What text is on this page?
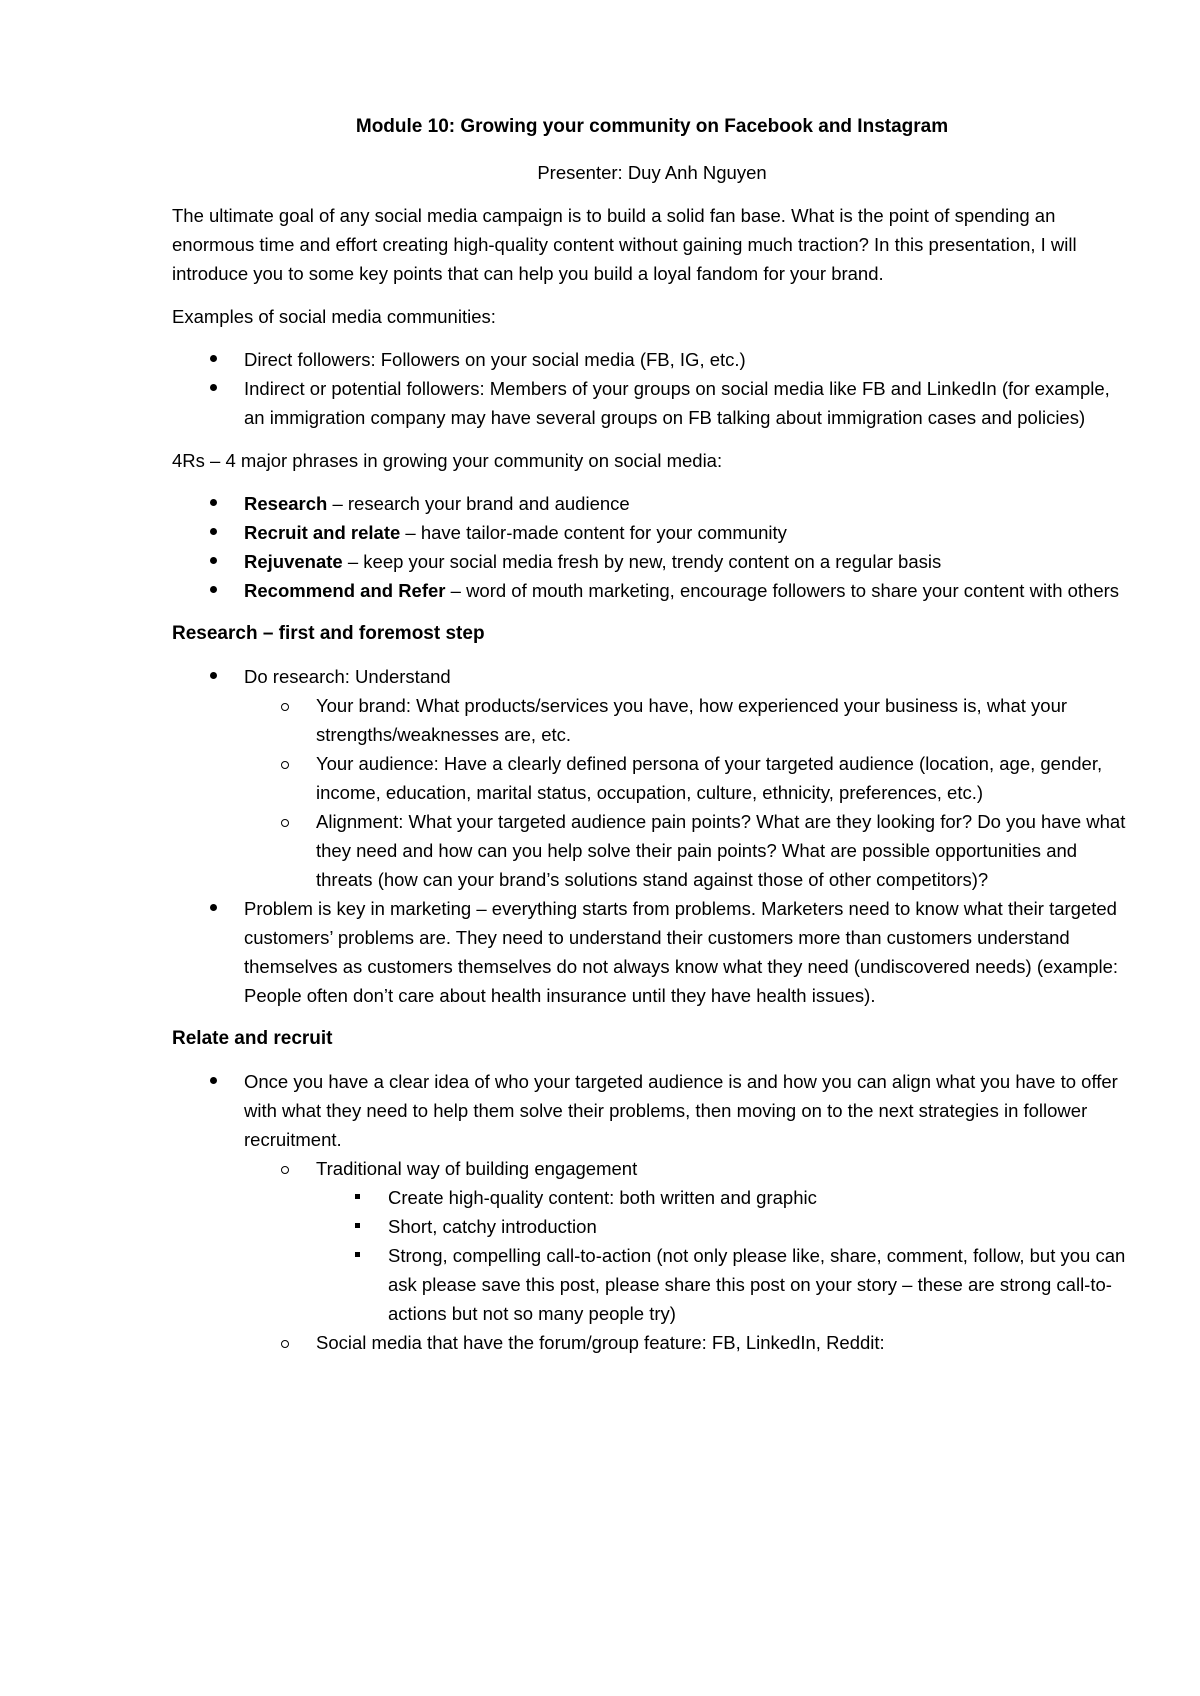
Module 10: Growing your community on Facebook and Instagram
Presenter: Duy Anh Nguyen

The ultimate goal of any social media campaign is to build a solid fan base. What is the point of spending an enormous time and effort creating high-quality content without gaining much traction? In this presentation, I will introduce you to some key points that can help you build a loyal fandom for your brand.

Examples of social media communities:

Direct followers: Followers on your social media (FB, IG, etc.)
Indirect or potential followers: Members of your groups on social media like FB and LinkedIn (for example, an immigration company may have several groups on FB talking about immigration cases and policies)

4Rs – 4 major phrases in growing your community on social media:

Research – research your brand and audience
Recruit and relate – have tailor-made content for your community
Rejuvenate – keep your social media fresh by new, trendy content on a regular basis
Recommend and Refer – word of mouth marketing, encourage followers to share your content with others
Research – first and foremost step
Do research: Understand
Your brand: What products/services you have, how experienced your business is, what your strengths/weaknesses are, etc.
Your audience: Have a clearly defined persona of your targeted audience (location, age, gender, income, education, marital status, occupation, culture, ethnicity, preferences, etc.)
Alignment: What your targeted audience pain points? What are they looking for? Do you have what they need and how can you help solve their pain points? What are possible opportunities and threats (how can your brand’s solutions stand against those of other competitors)?
Problem is key in marketing – everything starts from problems. Marketers need to know what their targeted customers’ problems are. They need to understand their customers more than customers understand themselves as customers themselves do not always know what they need (undiscovered needs) (example: People often don’t care about health insurance until they have health issues).
Relate and recruit
Once you have a clear idea of who your targeted audience is and how you can align what you have to offer with what they need to help them solve their problems, then moving on to the next strategies in follower recruitment.
Traditional way of building engagement
Create high-quality content: both written and graphic
Short, catchy introduction
Strong, compelling call-to-action (not only please like, share, comment, follow, but you can ask please save this post, please share this post on your story – these are strong call-to-actions but not so many people try)
Social media that have the forum/group feature: FB, LinkedIn, Reddit:
